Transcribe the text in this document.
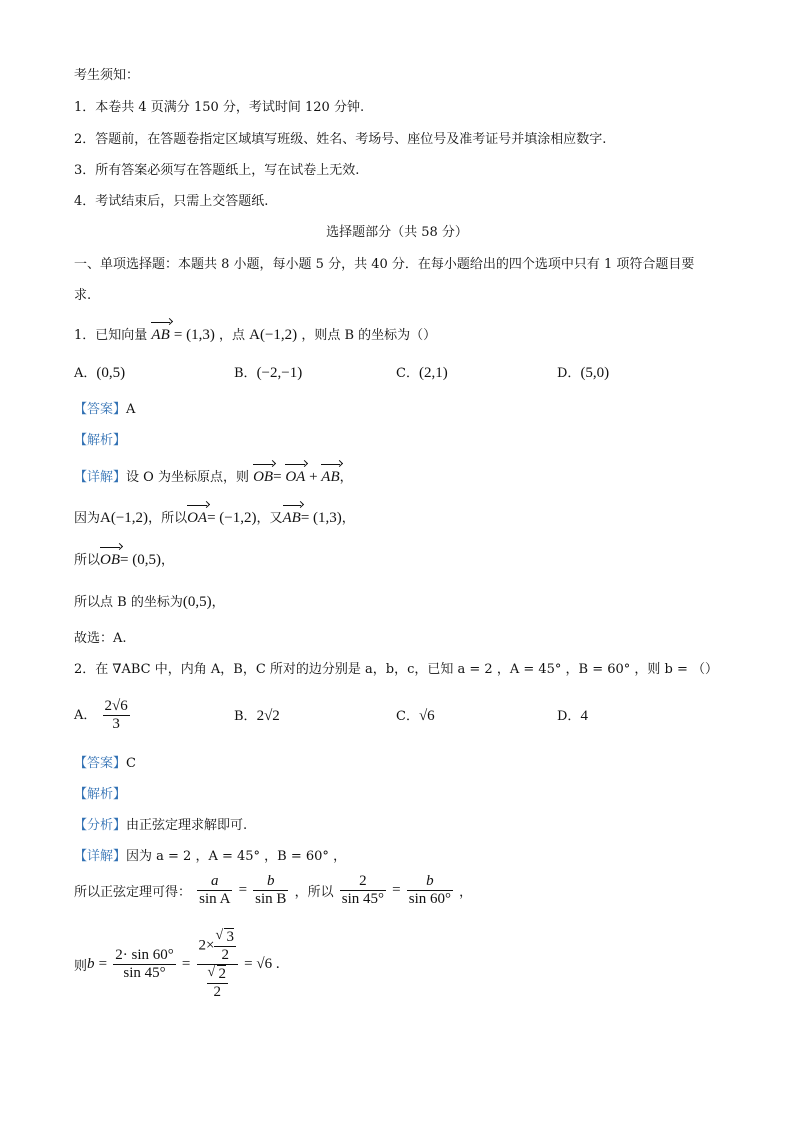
考生须知：
1．本卷共 4 页满分 150 分，考试时间 120 分钟.
2．答题前，在答题卷指定区域填写班级、姓名、考场号、座位号及准考证号并填涂相应数字.
3．所有答案必须写在答题纸上，写在试卷上无效.
4．考试结束后，只需上交答题纸.
选择题部分（共 58 分）
一、单项选择题：本题共 8 小题，每小题 5 分，共 40 分．在每小题给出的四个选项中只有 1 项符合题目要
求.
1．已知向量 AB = (1,3) ，点 A(−1,2) ，则点 B 的坐标为（）
A．(0,5)	B．(−2,−1)	C．(2,1)	D．(5,0)
【答案】A
【解析】
【详解】设 O 为坐标原点，则 OB= OA + AB，
因为A(−1,2)，所以OA= (−1,2)，又AB= (1,3)，
所以OB= (0,5)，
所以点 B 的坐标为(0,5)，
故选：A.
2．在 ∇ABC 中，内角 A，B，C 所对的边分别是 a，b，c，已知 a = 2 ，A = 45° ，B = 60° ，则 b = （）
A． $\frac{2√6}{3}$	B．2√2	C．√6	D．4
【答案】C
【解析】
【分析】由正弦定理求解即可.
【详解】因为 a = 2 ，A = 45° ，B = 60° ，
所以正弦定理可得： $\frac{a}{\text{sin A}} = \frac{b}{\text{sin B}}$ ，所以 $\frac{2}{\sin 45^\circ} = \frac{b}{\sin 60^\circ}$ ，
则$b = \frac{2\cdot \sin 60^\circ}{\sin 45^\circ} = 2\times$
√ $\frac{3}{2}$
√ $\frac{2}{2} = √6$ .
